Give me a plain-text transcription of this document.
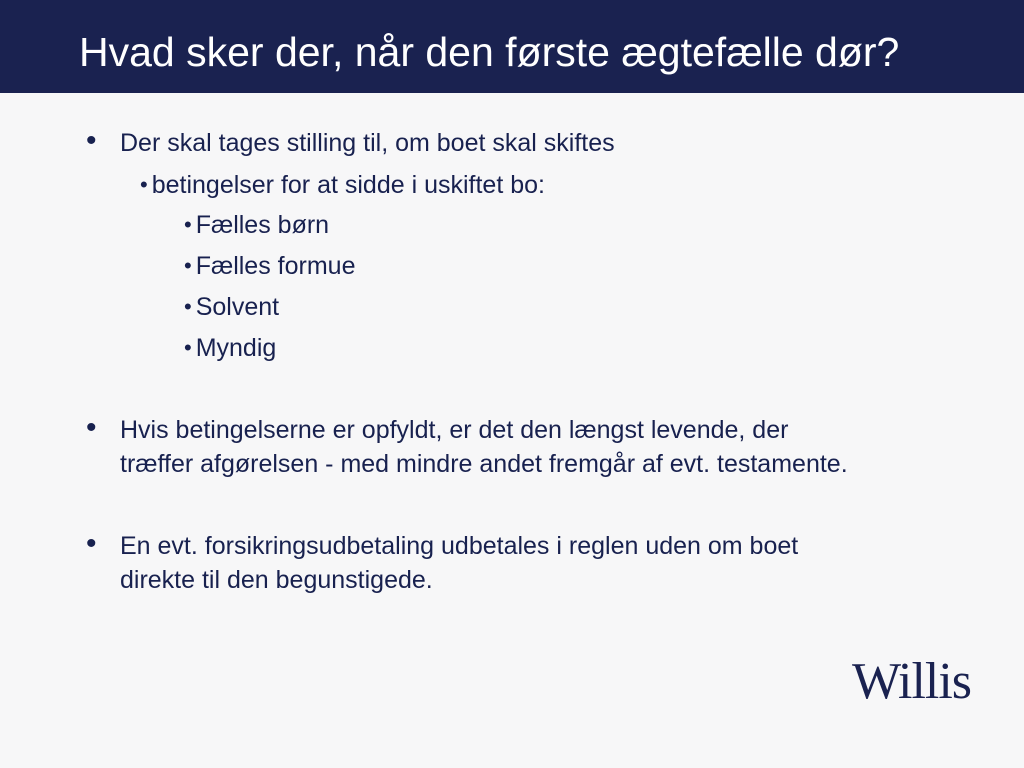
Hvad sker der, når den første ægtefælle dør?
• Der skal tages stilling til, om boet skal skiftes
• betingelser for at sidde i uskiftet bo:
• Fælles børn
• Fælles formue
• Solvent
• Myndig
• Hvis betingelserne er opfyldt, er det den længst levende, der
træffer afgørelsen - med mindre andet fremgår af evt. testamente.
• En evt. forsikringsudbetaling udbetales i reglen uden om boet
direkte til den begunstigede.
Willis
